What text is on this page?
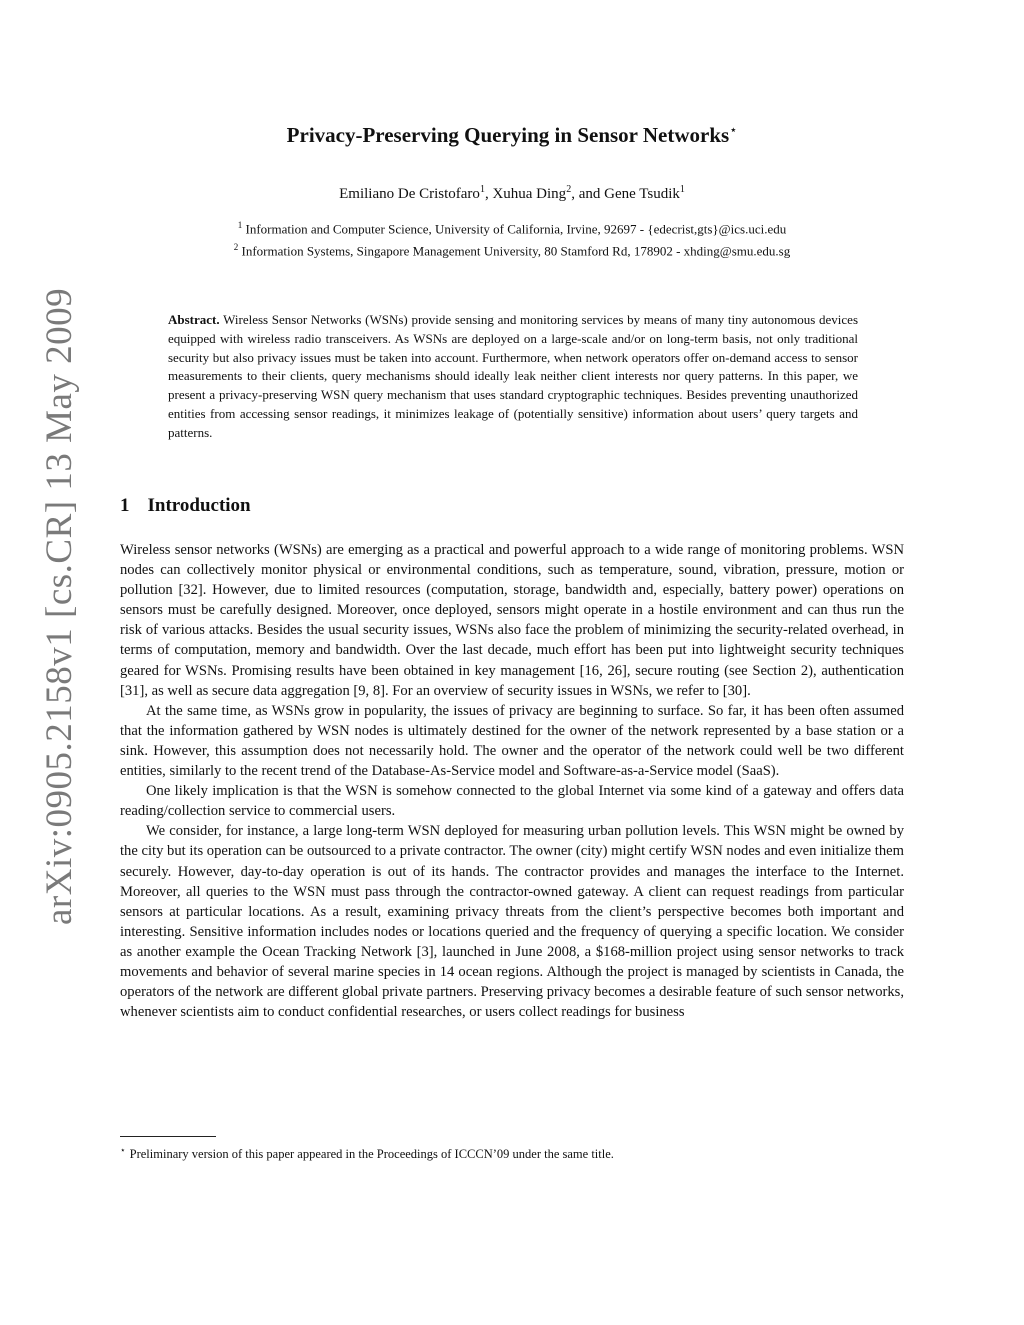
arXiv:0905.2158v1 [cs.CR] 13 May 2009
Privacy-Preserving Querying in Sensor Networks⋆
Emiliano De Cristofaro$^1$, Xuhua Ding$^2$, and Gene Tsudik$^1$
$^1$ Information and Computer Science, University of California, Irvine, 92697 - {edecrist,gts}@ics.uci.edu
$^2$ Information Systems, Singapore Management University, 80 Stamford Rd, 178902 - xhding@smu.edu.sg
Abstract. Wireless Sensor Networks (WSNs) provide sensing and monitoring services by means of many tiny autonomous devices equipped with wireless radio transceivers. As WSNs are deployed on a large-scale and/or on long-term basis, not only traditional security but also privacy issues must be taken into account. Furthermore, when network operators offer on-demand access to sensor measurements to their clients, query mechanisms should ideally leak neither client interests nor query patterns. In this paper, we present a privacy-preserving WSN query mechanism that uses standard cryptographic techniques. Besides preventing unauthorized entities from accessing sensor readings, it minimizes leakage of (potentially sensitive) information about users’ query targets and patterns.
1 Introduction

Wireless sensor networks (WSNs) are emerging as a practical and powerful approach to a wide range of monitoring problems. WSN nodes can collectively monitor physical or environmental conditions, such as temperature, sound, vibration, pressure, motion or pollution [32]. However, due to limited resources (computation, storage, bandwidth and, especially, battery power) operations on sensors must be carefully designed. Moreover, once deployed, sensors might operate in a hostile environment and can thus run the risk of various attacks. Besides the usual security issues, WSNs also face the problem of minimizing the security-related overhead, in terms of computation, memory and bandwidth. Over the last decade, much effort has been put into lightweight security techniques geared for WSNs. Promising results have been obtained in key management [16, 26], secure routing (see Section 2), authentication [31], as well as secure data aggregation [9, 8]. For an overview of security issues in WSNs, we refer to [30].

At the same time, as WSNs grow in popularity, the issues of privacy are beginning to surface. So far, it has been often assumed that the information gathered by WSN nodes is ultimately destined for the owner of the network represented by a base station or a sink. However, this assumption does not necessarily hold. The owner and the operator of the network could well be two different entities, similarly to the recent trend of the Database-As-Service model and Software-as-a-Service model (SaaS).

One likely implication is that the WSN is somehow connected to the global Internet via some kind of a gateway and offers data reading/collection service to commercial users.

We consider, for instance, a large long-term WSN deployed for measuring urban pollution levels. This WSN might be owned by the city but its operation can be outsourced to a private contractor. The owner (city) might certify WSN nodes and even initialize them securely. However, day-to-day operation is out of its hands. The contractor provides and manages the interface to the Internet. Moreover, all queries to the WSN must pass through the contractor-owned gateway. A client can request readings from particular sensors at particular locations. As a result, examining privacy threats from the client’s perspective becomes both important and interesting. Sensitive information includes nodes or locations queried and the frequency of querying a specific location. We consider as another example the Ocean Tracking Network [3], launched in June 2008, a $168-million project using sensor networks to track movements and behavior of several marine species in 14 ocean regions. Although the project is managed by scientists in Canada, the operators of the network are different global private partners. Preserving privacy becomes a desirable feature of such sensor networks, whenever scientists aim to conduct confidential researches, or users collect readings for business

⋆ Preliminary version of this paper appeared in the Proceedings of ICCCN’09 under the same title.
